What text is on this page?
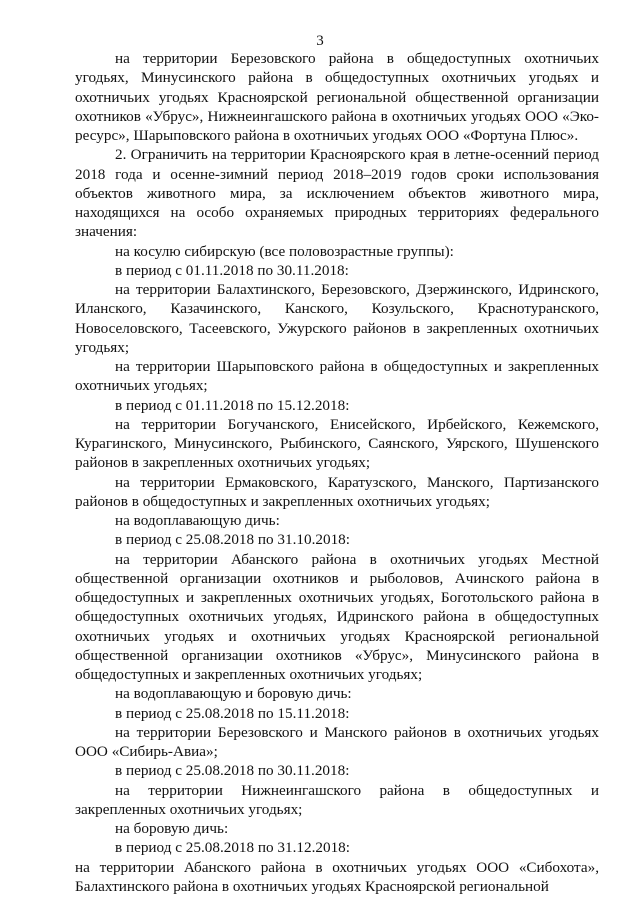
3

на территории Березовского района в общедоступных охотничьих угодьях, Минусинского района в общедоступных охотничьих угодьях и охотничьих угодьях Красноярской региональной общественной организации охотников «Убрус», Нижнеингашского района в охотничьих угодьях ООО «Эко-ресурс», Шарыповского района в охотничьих угодьях ООО «Фортуна Плюс».

2. Ограничить на территории Красноярского края в летне-осенний период 2018 года и осенне-зимний период 2018–2019 годов сроки использования объектов животного мира, за исключением объектов животного мира, находящихся на особо охраняемых природных территориях федерального значения:

на косулю сибирскую (все половозрастные группы):

в период с 01.11.2018 по 30.11.2018:

на территории Балахтинского, Березовского, Дзержинского, Идринского, Иланского, Казачинского, Канского, Козульского, Краснотуранского, Новоселовского, Тасеевского, Ужурского районов в закрепленных охотничьих угодьях;

на территории Шарыповского района в общедоступных и закрепленных охотничьих угодьях;

в период с 01.11.2018 по 15.12.2018:

на территории Богучанского, Енисейского, Ирбейского, Кежемского, Курагинского, Минусинского, Рыбинского, Саянского, Уярского, Шушенского районов в закрепленных охотничьих угодьях;

на территории Ермаковского, Каратузского, Манского, Партизанского районов в общедоступных и закрепленных охотничьих угодьях;

на водоплавающую дичь:

в период с 25.08.2018 по 31.10.2018:

на территории Абанского района в охотничьих угодьях Местной общественной организации охотников и рыболовов, Ачинского района в общедоступных и закрепленных охотничьих угодьях, Боготольского района в общедоступных охотничьих угодьях, Идринского района в общедоступных охотничьих угодьях и охотничьих угодьях Красноярской региональной общественной организации охотников «Убрус», Минусинского района в общедоступных и закрепленных охотничьих угодьях;

на водоплавающую и боровую дичь:

в период с 25.08.2018 по 15.11.2018:

на территории Березовского и Манского районов в охотничьих угодьях ООО «Сибирь-Авиа»;

в период с 25.08.2018 по 30.11.2018:

на территории Нижнеингашского района в общедоступных и закрепленных охотничьих угодьях;

на боровую дичь:

в период с 25.08.2018 по 31.12.2018:

на территории Абанского района в охотничьих угодьях ООО «Сибохота», Балахтинского района в охотничьих угодьях Красноярской региональной
